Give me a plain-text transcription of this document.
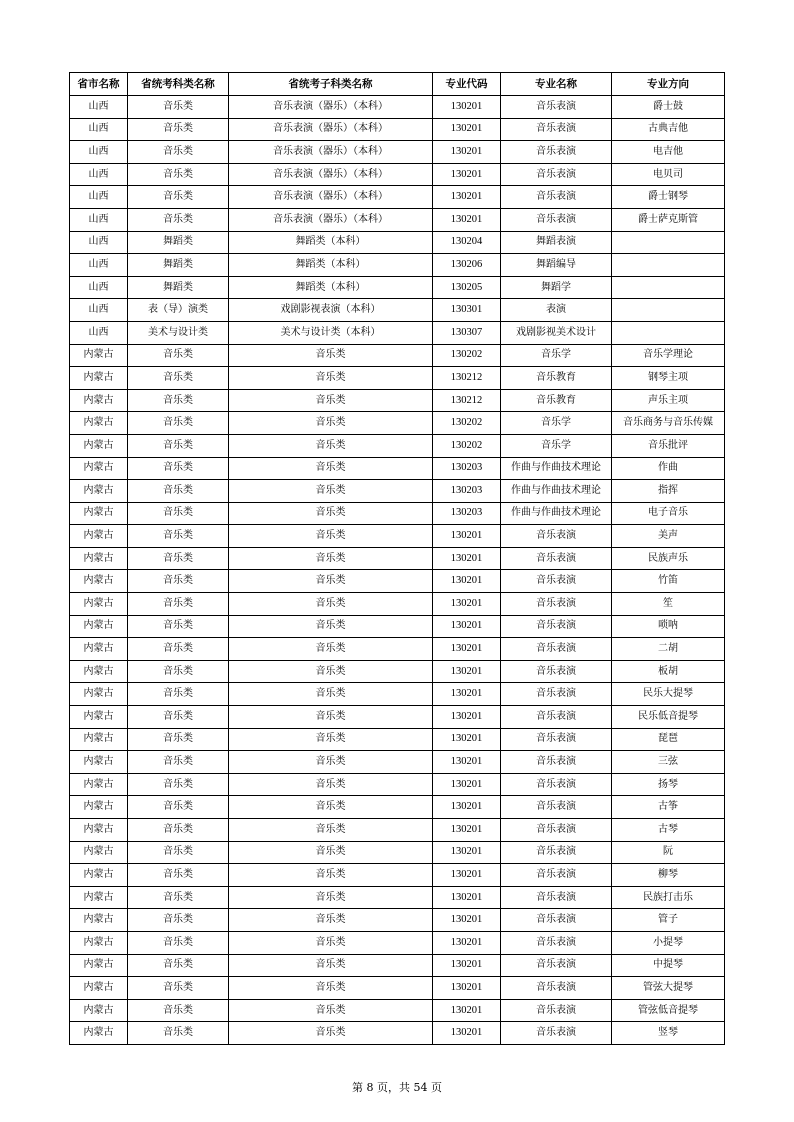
省市名称	省统考科类名称	省统考子科类名称	专业代码	专业名称	专业方向
山西	音乐类	音乐表演（器乐）（本科）	130201	音乐表演	爵士鼓
山西	音乐类	音乐表演（器乐）（本科）	130201	音乐表演	古典吉他
山西	音乐类	音乐表演（器乐）（本科）	130201	音乐表演	电吉他
山西	音乐类	音乐表演（器乐）（本科）	130201	音乐表演	电贝司
山西	音乐类	音乐表演（器乐）（本科）	130201	音乐表演	爵士钢琴
山西	音乐类	音乐表演（器乐）（本科）	130201	音乐表演	爵士萨克斯管
山西	舞蹈类	舞蹈类（本科）	130204	舞蹈表演	
山西	舞蹈类	舞蹈类（本科）	130206	舞蹈编导	
山西	舞蹈类	舞蹈类（本科）	130205	舞蹈学	
山西	表（导）演类	戏剧影视表演（本科）	130301	表演	
山西	美术与设计类	美术与设计类（本科）	130307	戏剧影视美术设计	
内蒙古	音乐类	音乐类	130202	音乐学	音乐学理论
内蒙古	音乐类	音乐类	130212	音乐教育	钢琴主项
内蒙古	音乐类	音乐类	130212	音乐教育	声乐主项
内蒙古	音乐类	音乐类	130202	音乐学	音乐商务与音乐传媒
内蒙古	音乐类	音乐类	130202	音乐学	音乐批评
内蒙古	音乐类	音乐类	130203	作曲与作曲技术理论	作曲
内蒙古	音乐类	音乐类	130203	作曲与作曲技术理论	指挥
内蒙古	音乐类	音乐类	130203	作曲与作曲技术理论	电子音乐
内蒙古	音乐类	音乐类	130201	音乐表演	美声
内蒙古	音乐类	音乐类	130201	音乐表演	民族声乐
内蒙古	音乐类	音乐类	130201	音乐表演	竹笛
内蒙古	音乐类	音乐类	130201	音乐表演	笙
内蒙古	音乐类	音乐类	130201	音乐表演	唢呐
内蒙古	音乐类	音乐类	130201	音乐表演	二胡
内蒙古	音乐类	音乐类	130201	音乐表演	板胡
内蒙古	音乐类	音乐类	130201	音乐表演	民乐大提琴
内蒙古	音乐类	音乐类	130201	音乐表演	民乐低音提琴
内蒙古	音乐类	音乐类	130201	音乐表演	琵琶
内蒙古	音乐类	音乐类	130201	音乐表演	三弦
内蒙古	音乐类	音乐类	130201	音乐表演	扬琴
内蒙古	音乐类	音乐类	130201	音乐表演	古筝
内蒙古	音乐类	音乐类	130201	音乐表演	古琴
内蒙古	音乐类	音乐类	130201	音乐表演	阮
内蒙古	音乐类	音乐类	130201	音乐表演	柳琴
内蒙古	音乐类	音乐类	130201	音乐表演	民族打击乐
内蒙古	音乐类	音乐类	130201	音乐表演	管子
内蒙古	音乐类	音乐类	130201	音乐表演	小提琴
内蒙古	音乐类	音乐类	130201	音乐表演	中提琴
内蒙古	音乐类	音乐类	130201	音乐表演	管弦大提琴
内蒙古	音乐类	音乐类	130201	音乐表演	管弦低音提琴
内蒙古	音乐类	音乐类	130201	音乐表演	竖琴
第 8 页，共 54 页
